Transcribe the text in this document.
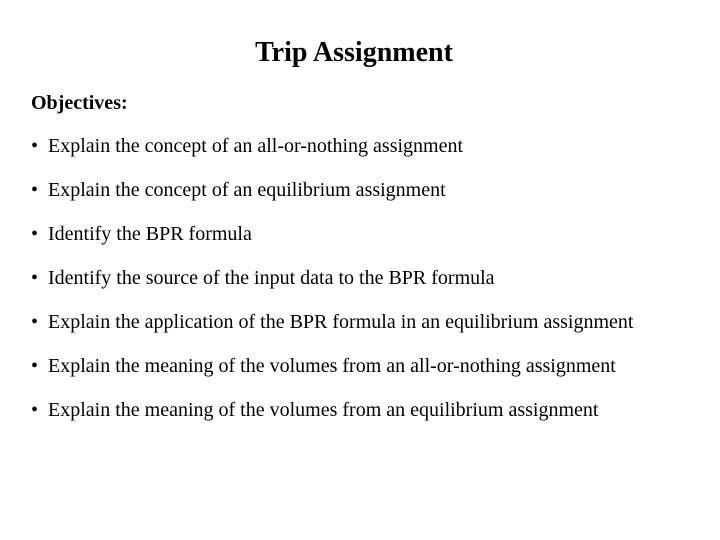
Trip Assignment
Objectives:
• Explain the concept of an all-or-nothing assignment
• Explain the concept of an equilibrium assignment
• Identify the BPR formula
• Identify the source of the input data to the BPR formula
• Explain the application of the BPR formula in an equilibrium assignment
• Explain the meaning of the volumes from an all-or-nothing assignment
• Explain the meaning of the volumes from an equilibrium assignment
